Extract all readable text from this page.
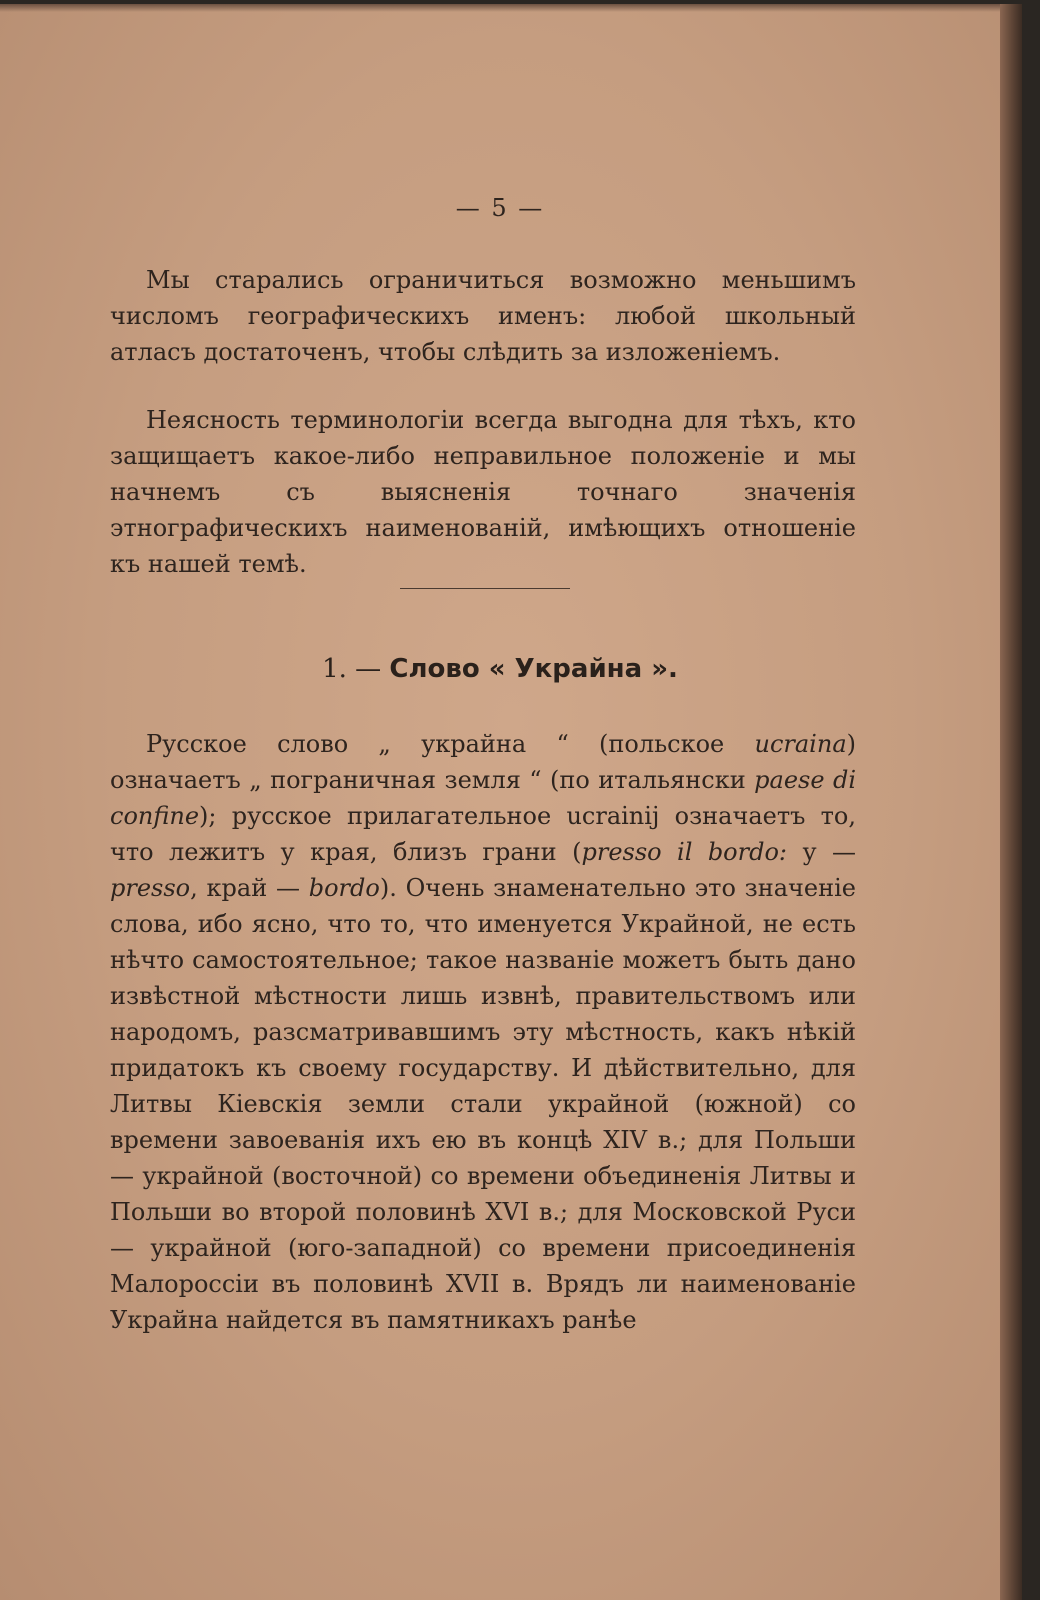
— 5 —

Мы старались ограничиться возможно меньшимъ числомъ географическихъ именъ: любой школьный атласъ достаточенъ, чтобы слѣдить за изложеніемъ.

Неясность терминологіи всегда выгодна для тѣхъ, кто защищаетъ какое-либо неправильное положеніе и мы начнемъ съ выясненія точнаго значенія этнографическихъ наименованій, имѣющихъ отношеніе къ нашей темѣ.

1. — Слово « Украйна ».

Русское слово „ украйна “ (польское ucraina) означаетъ „ пограничная земля “ (по итальянски paese di confine); русское прилагательное ucrainij означаетъ то, что лежитъ у края, близъ грани (presso il bordo: у — presso, край — bordo). Очень знаменательно это значеніе слова, ибо ясно, что то, что именуется Украйной, не есть нѣчто самостоятельное; такое названіе можетъ быть дано извѣстной мѣстности лишь извнѣ, правительствомъ или народомъ, разсматривавшимъ эту мѣстность, какъ нѣкій придатокъ къ своему государству. И дѣйствительно, для Литвы Кіевскія земли стали украйной (южной) со времени завоеванія ихъ ею въ концѣ XIV в.; для Польши — украйной (восточной) со времени объединенія Литвы и Польши во второй половинѣ XVI в.; для Московской Руси — украйной (юго-западной) со времени присоединенія Малороссіи въ половинѣ XVII в. Врядъ ли наименованіе Украйна найдется въ памятникахъ ранѣе
